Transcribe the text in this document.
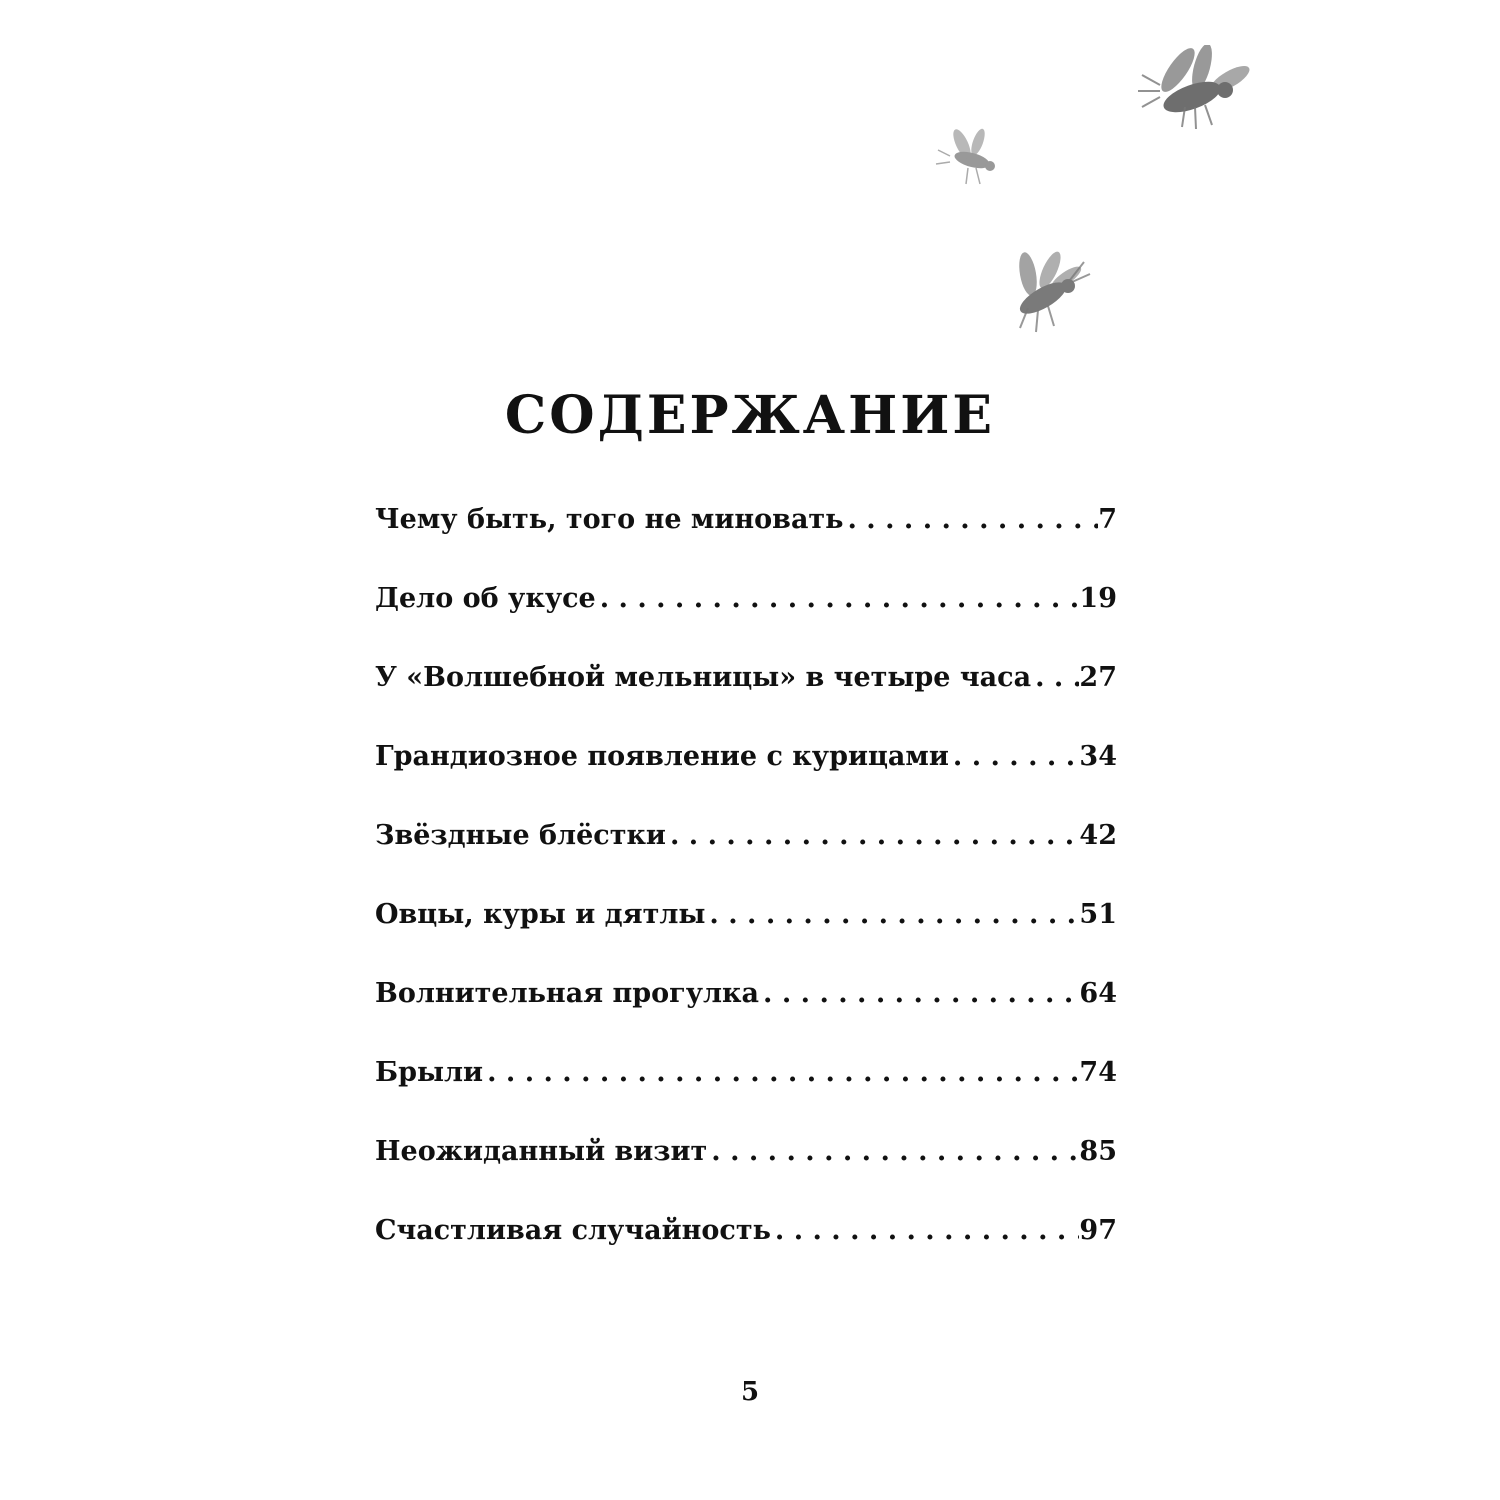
СОДЕРЖАНИЕ
Чему быть, того не миновать . . .	7
Дело об укусе . . .	19
У «Волшебной мельницы» в четыре часа . . . 27
Грандиозное появление с курицами . . .	34
Звёздные блёстки . . .	42
Овцы, куры и дятлы . . .	51
Волнительная прогулка . . .	64
Брыли . . .	74
Неожиданный визит . . .	85
Счастливая случайность . . .	97
5
